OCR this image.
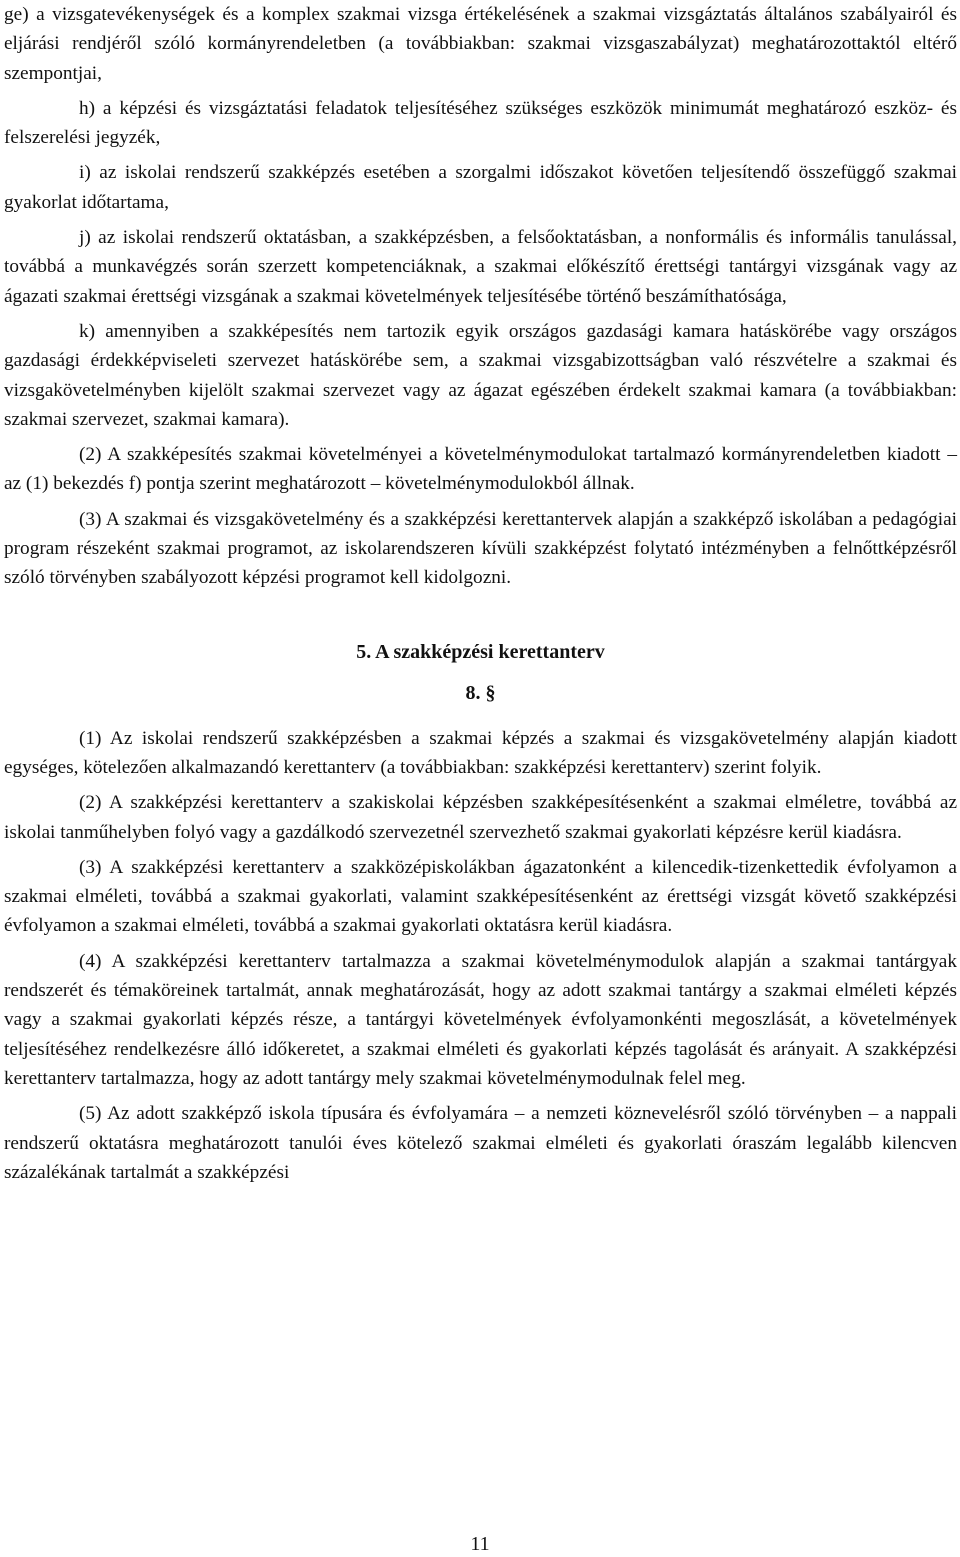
ge) a vizsgatevékenységek és a komplex szakmai vizsga értékelésének a szakmai vizsgáztatás általános szabályairól és eljárási rendjéről szóló kormányrendeletben (a továbbiakban: szakmai vizsgaszabályzat) meghatározottaktól eltérő szempontjai,

h) a képzési és vizsgáztatási feladatok teljesítéséhez szükséges eszközök minimumát meghatározó eszköz- és felszerelési jegyzék,

i) az iskolai rendszerű szakképzés esetében a szorgalmi időszakot követően teljesítendő összefüggő szakmai gyakorlat időtartama,

j) az iskolai rendszerű oktatásban, a szakképzésben, a felsőoktatásban, a nonformális és informális tanulással, továbbá a munkavégzés során szerzett kompetenciáknak, a szakmai előkészítő érettségi tantárgyi vizsgának vagy az ágazati szakmai érettségi vizsgának a szakmai követelmények teljesítésébe történő beszámíthatósága,

k) amennyiben a szakképesítés nem tartozik egyik országos gazdasági kamara hatáskörébe vagy országos gazdasági érdekképviseleti szervezet hatáskörébe sem, a szakmai vizsgabizottságban való részvételre a szakmai és vizsgakövetelményben kijelölt szakmai szervezet vagy az ágazat egészében érdekelt szakmai kamara (a továbbiakban: szakmai szervezet, szakmai kamara).

(2) A szakképesítés szakmai követelményei a követelménymodulokat tartalmazó kormányrendeletben kiadott – az (1) bekezdés f) pontja szerint meghatározott – követelménymodulokból állnak.

(3) A szakmai és vizsgakövetelmény és a szakképzési kerettantervek alapján a szakképző iskolában a pedagógiai program részeként szakmai programot, az iskolarendszeren kívüli szakképzést folytató intézményben a felnőttképzésről szóló törvényben szabályozott képzési programot kell kidolgozni.

5. A szakképzési kerettanterv
8. §

(1) Az iskolai rendszerű szakképzésben a szakmai képzés a szakmai és vizsgakövetelmény alapján kiadott egységes, kötelezően alkalmazandó kerettanterv (a továbbiakban: szakképzési kerettanterv) szerint folyik.

(2) A szakképzési kerettanterv a szakiskolai képzésben szakképesítésenként a szakmai elméletre, továbbá az iskolai tanműhelyben folyó vagy a gazdálkodó szervezetnél szervezhető szakmai gyakorlati képzésre kerül kiadásra.

(3) A szakképzési kerettanterv a szakközépiskolákban ágazatonként a kilencedik-tizenkettedik évfolyamon a szakmai elméleti, továbbá a szakmai gyakorlati, valamint szakképesítésenként az érettségi vizsgát követő szakképzési évfolyamon a szakmai elméleti, továbbá a szakmai gyakorlati oktatásra kerül kiadásra.

(4) A szakképzési kerettanterv tartalmazza a szakmai követelménymodulok alapján a szakmai tantárgyak rendszerét és témaköreinek tartalmát, annak meghatározását, hogy az adott szakmai tantárgy a szakmai elméleti képzés vagy a szakmai gyakorlati képzés része, a tantárgyi követelmények évfolyamonkénti megoszlását, a követelmények teljesítéséhez rendelkezésre álló időkeretet, a szakmai elméleti és gyakorlati képzés tagolását és arányait. A szakképzési kerettanterv tartalmazza, hogy az adott tantárgy mely szakmai követelménymodulnak felel meg.

(5) Az adott szakképző iskola típusára és évfolyamára – a nemzeti köznevelésről szóló törvényben – a nappali rendszerű oktatásra meghatározott tanulói éves kötelező szakmai elméleti és gyakorlati óraszám legalább kilencven százalékának tartalmát a szakképzési

11
